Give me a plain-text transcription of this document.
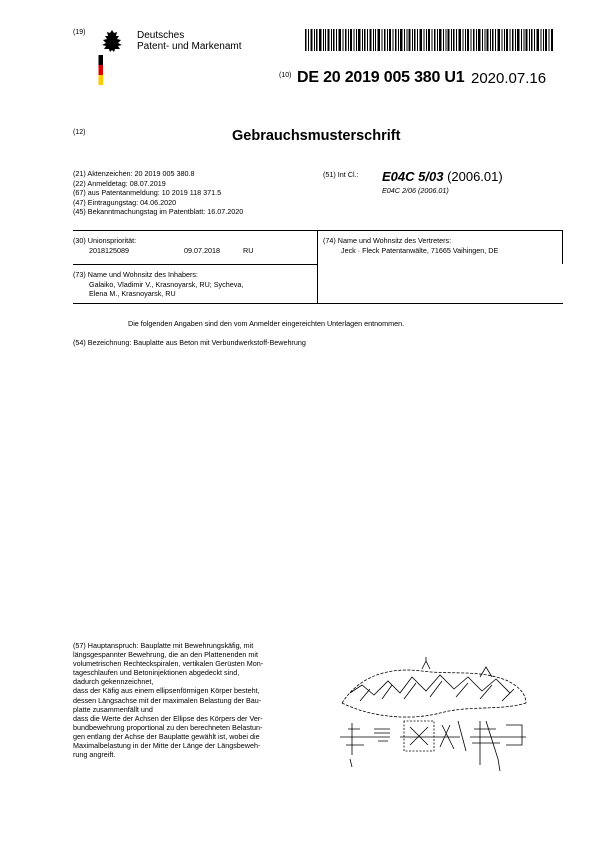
(19)	Deutsches
Patent- und Markenamt
(10) DE 20 2019 005 380 U1 2020.07.16
(12)	Gebrauchsmusterschrift
(21) Aktenzeichen: 20 2019 005 380.8
(22) Anmeldetag: 08.07.2019
(67) aus Patentanmeldung: 10 2019 118 371.5
(47) Eintragungstag: 04.06.2020
(45) Bekanntmachungstag im Patentblatt: 16.07.2020
(51) Int Cl.: E04C 5/03 (2006.01)
E04C 2/06 (2006.01)
(30) Unionspriorität:
2018125089	09.07.2018	RU
(74) Name und Wohnsitz des Vertreters:
Jeck · Fleck Patentanwälte, 71665 Vaihingen, DE
(73) Name und Wohnsitz des Inhabers:
Galaiko, Vladimir V., Krasnoyarsk, RU; Sycheva,
Elena M., Krasnoyarsk, RU
Die folgenden Angaben sind den vom Anmelder eingereichten Unterlagen entnommen.
(54) Bezeichnung: Bauplatte aus Beton mit Verbundwerkstoff-Bewehrung
(57) Hauptanspruch: Bauplatte mit Bewehrungskäfig, mit
längsgespannter Bewehrung, die an den Plattenenden mit
volumetrischen Rechteckspiralen, vertikalen Gerüsten Mon-
tageschlaufen und Betoninjektionen abgedeckt sind,
dadurch gekennzeichnet,
dass der Käfig aus einem ellipsenförmigen Körper besteht,
dessen Längsachse mit der maximalen Belastung der Bau-
platte zusammenfällt und
dass die Werte der Achsen der Ellipse des Körpers der Ver-
bundbewehrung proportional zu den berechneten Belastun-
gen entlang der Achse der Bauplatte gewählt ist, wobei die
Maximalbelastung in der Mitte der Länge der Längsbeweh-
rung angreift.
